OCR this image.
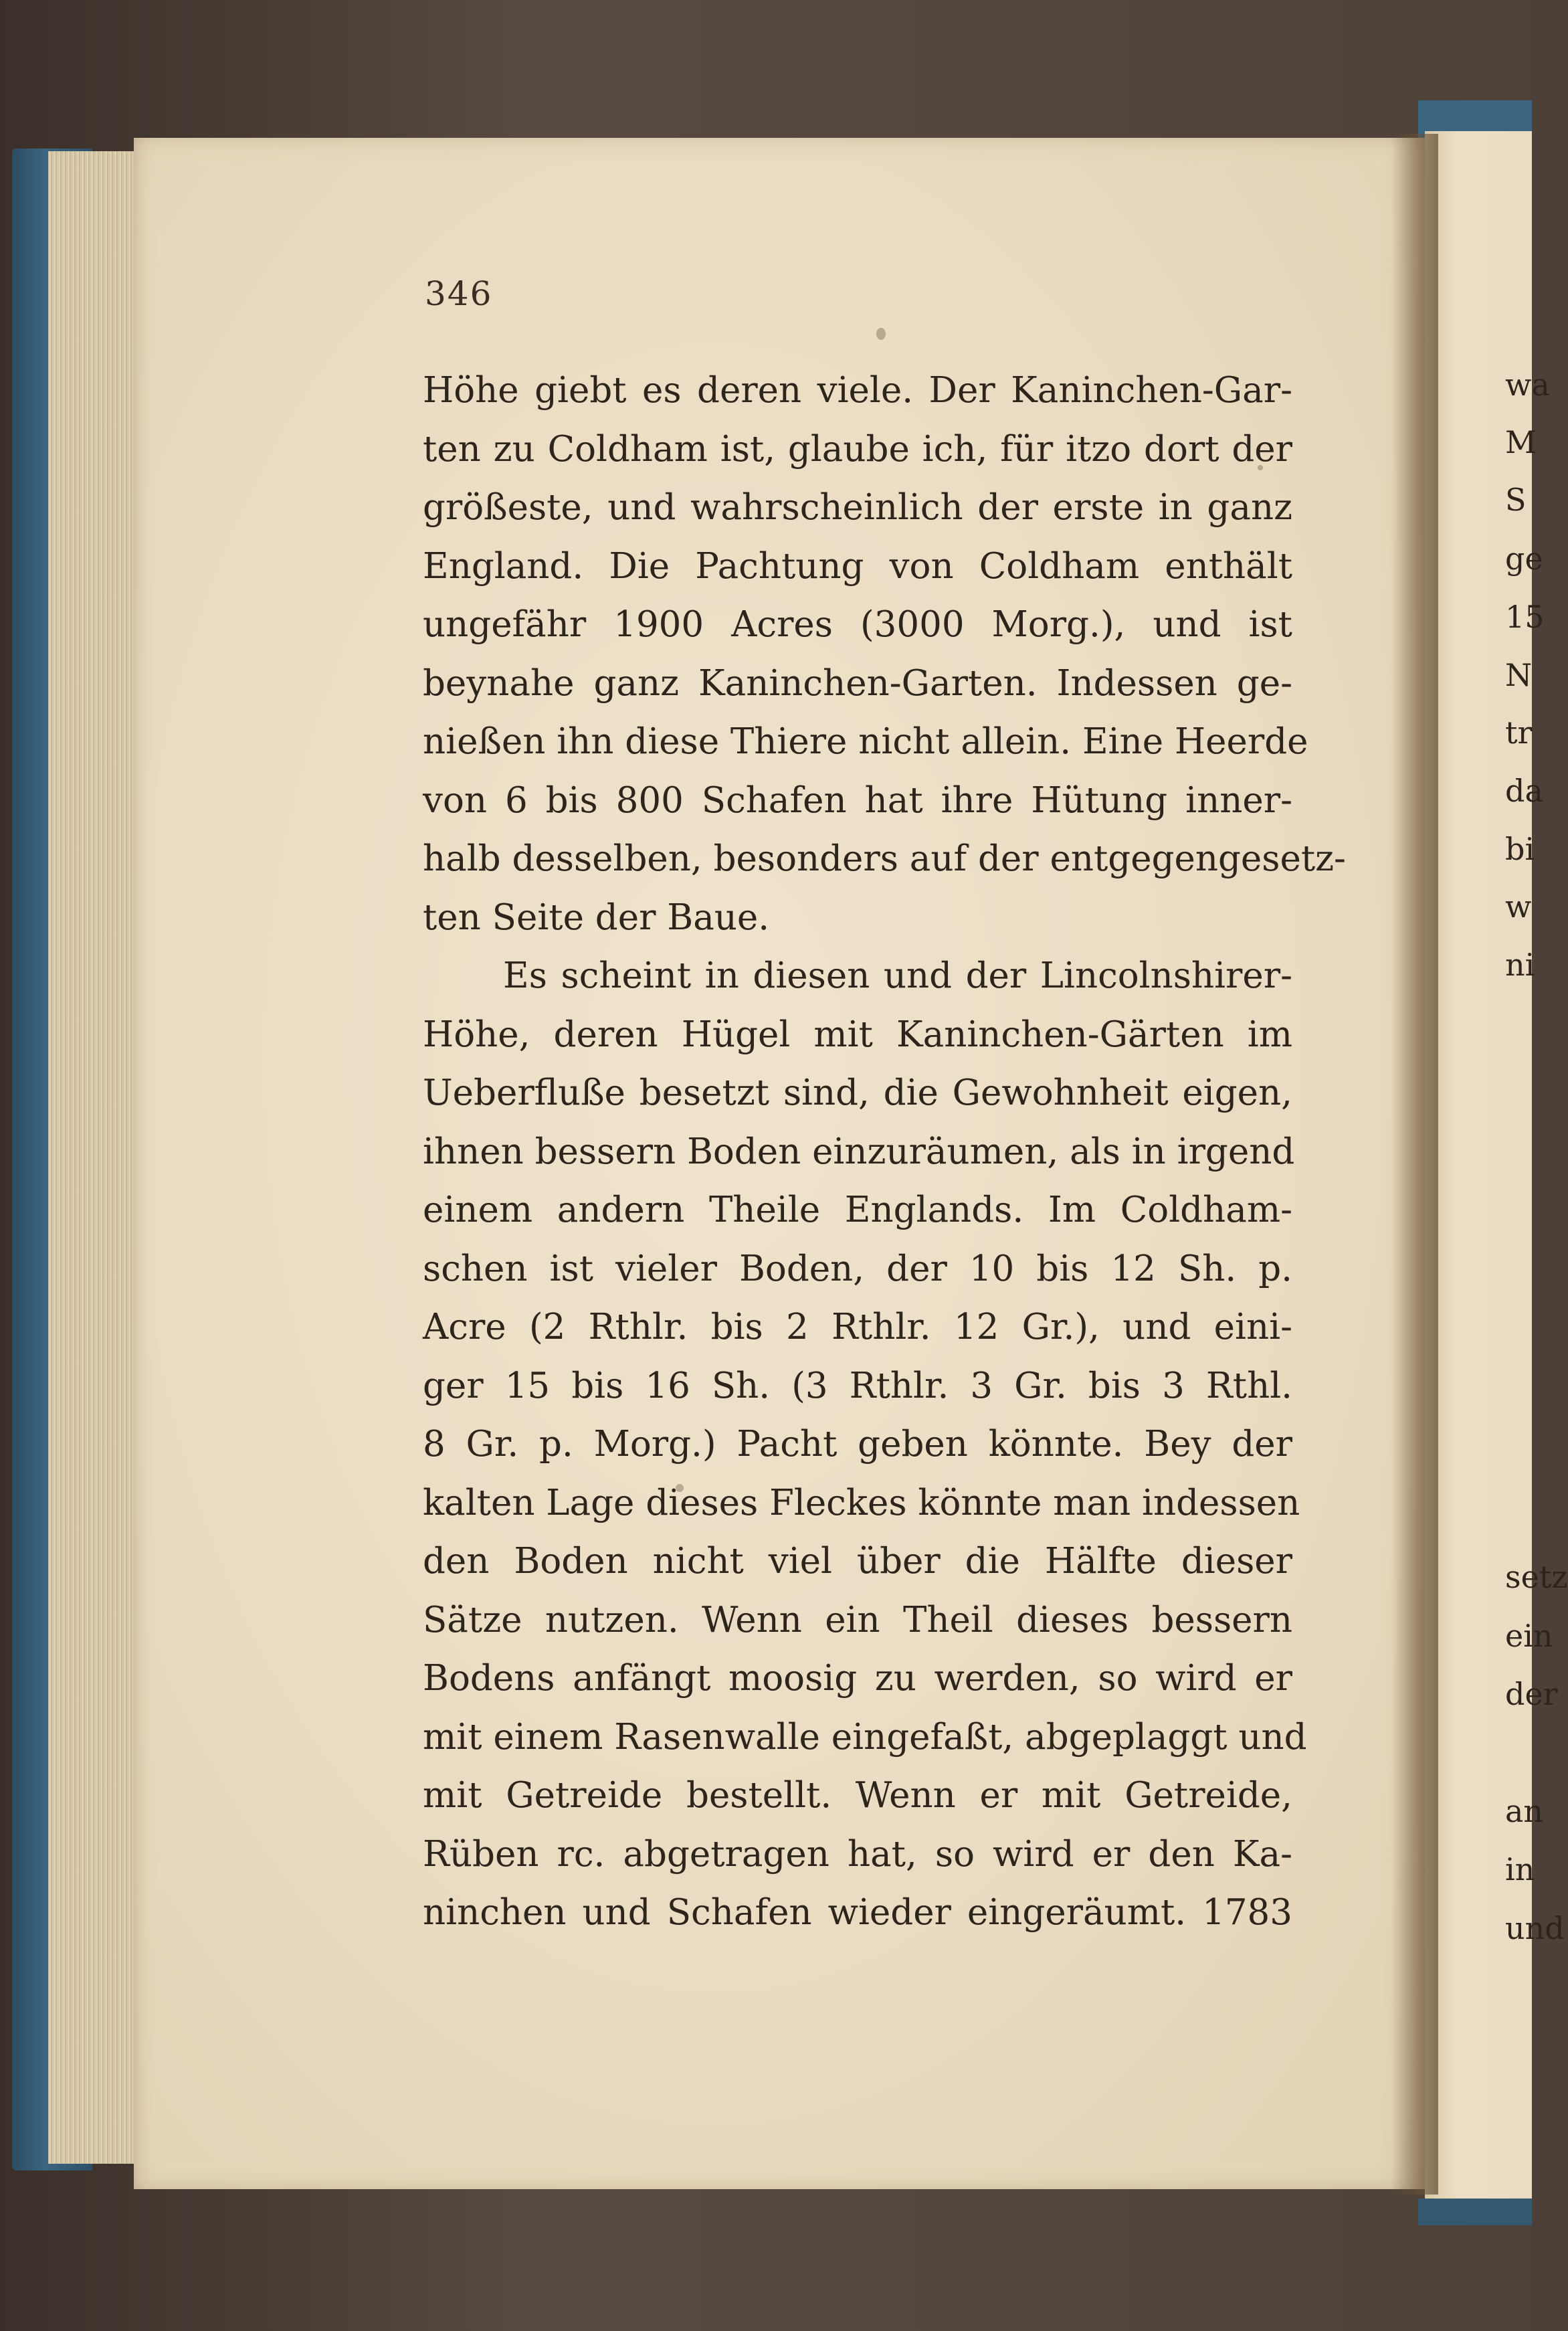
346
Höhe giebt es deren viele. Der Kaninchen-Gar-
ten zu Coldham ist, glaube ich, für itzo dort der
größeste, und wahrscheinlich der erste in ganz
England. Die Pachtung von Coldham enthält
ungefähr 1900 Acres (3000 Morg.), und ist
beynahe ganz Kaninchen-Garten. Indessen ge-
nießen ihn diese Thiere nicht allein. Eine Heerde
von 6 bis 800 Schafen hat ihre Hütung inner-
halb desselben, besonders auf der entgegengesetz-
ten Seite der Baue.
Es scheint in diesen und der Lincolnshirer-
Höhe, deren Hügel mit Kaninchen-Gärten im
Ueberfluße besetzt sind, die Gewohnheit eigen,
ihnen bessern Boden einzuräumen, als in irgend
einem andern Theile Englands. Im Coldham-
schen ist vieler Boden, der 10 bis 12 Sh. p.
Acre (2 Rthlr. bis 2 Rthlr. 12 Gr.), und eini-
ger 15 bis 16 Sh. (3 Rthlr. 3 Gr. bis 3 Rthl.
8 Gr. p. Morg.) Pacht geben könnte. Bey der
kalten Lage dieses Fleckes könnte man indessen
den Boden nicht viel über die Hälfte dieser
Sätze nutzen. Wenn ein Theil dieses bessern
Bodens anfängt moosig zu werden, so wird er
mit einem Rasenwalle eingefaßt, abgeplaggt und
mit Getreide bestellt. Wenn er mit Getreide,
Rüben rc. abgetragen hat, so wird er den Ka-
ninchen und Schafen wieder eingeräumt. 1783
wa
M
S
ge
15
N
tr
da
bi
w
ni
setz
ein
der
an
in
und
